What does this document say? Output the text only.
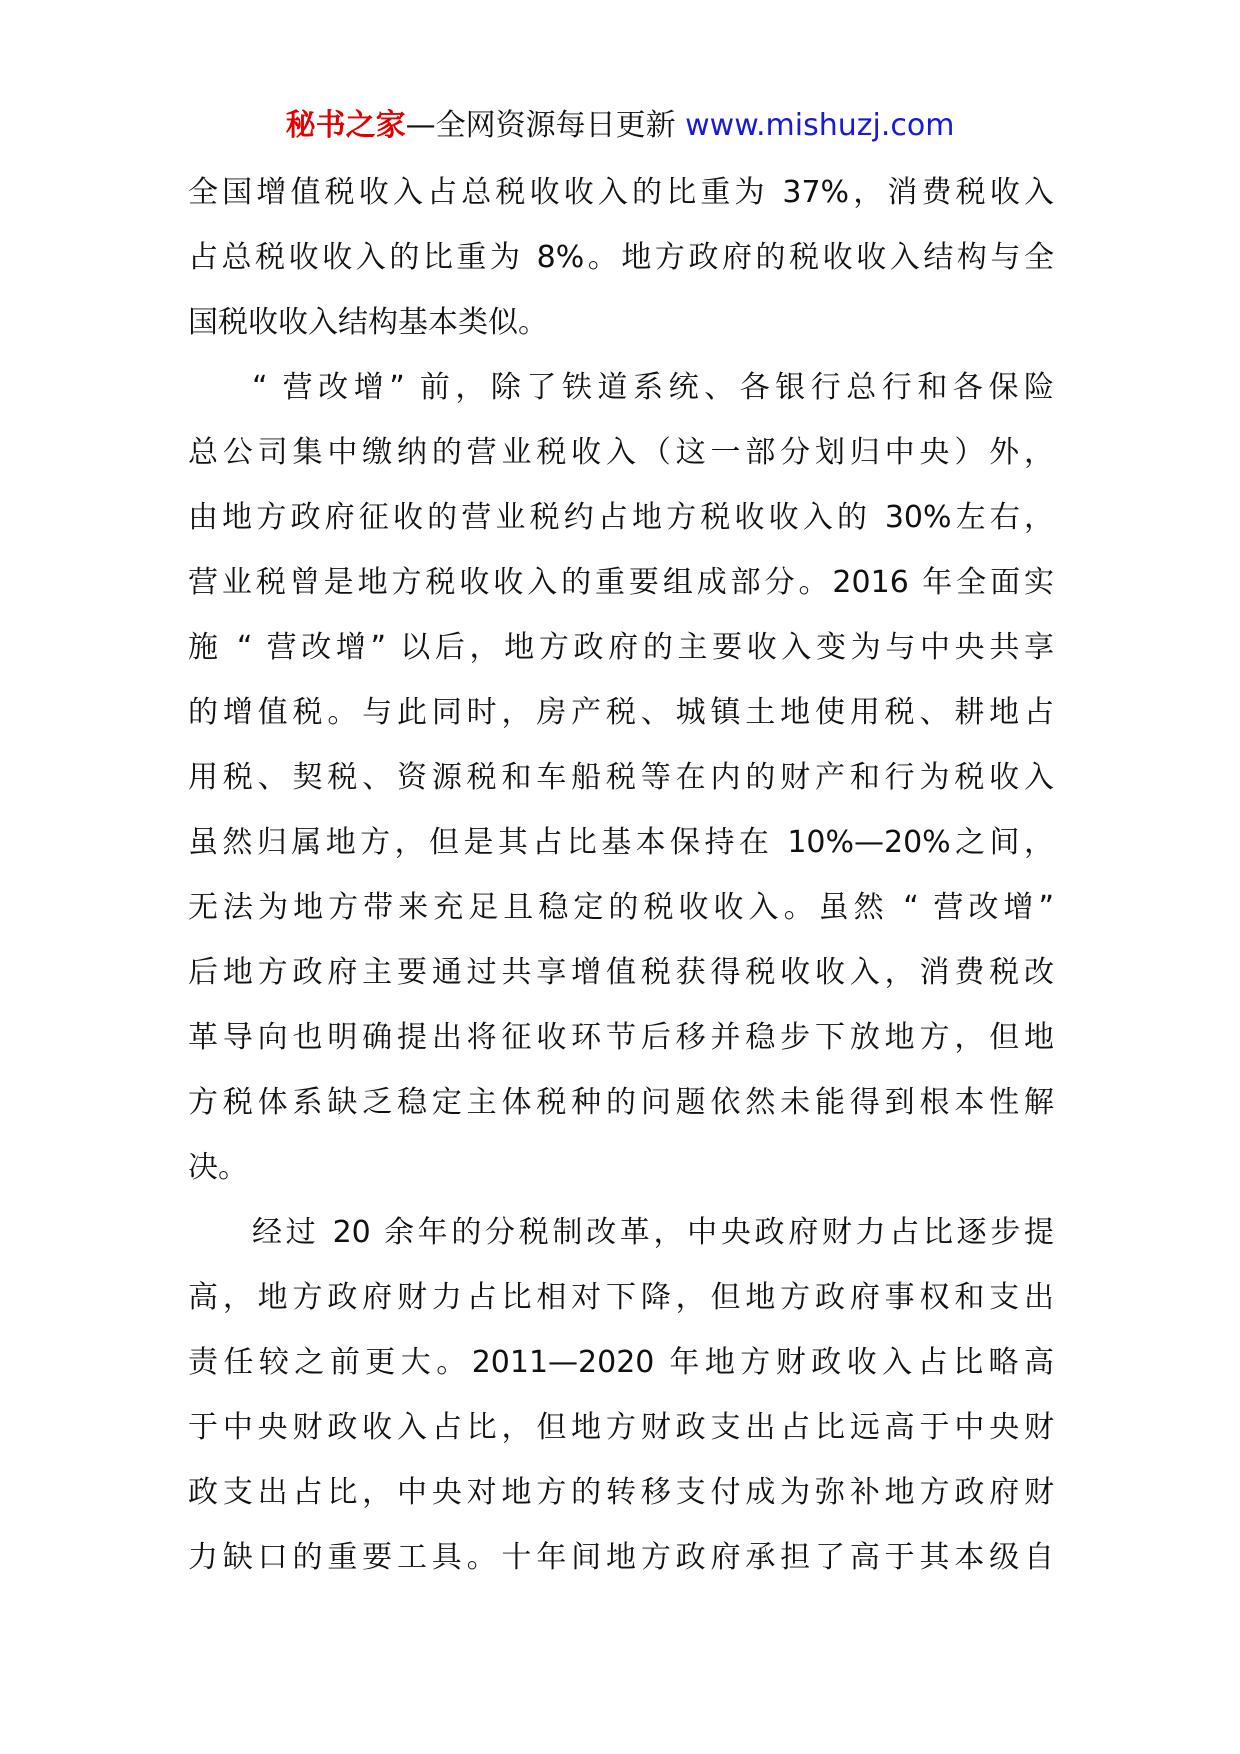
秘书之家—全网资源每日更新 www.mishuzj.com
全国增值税收入占总税收收入的比重为 37%，消费税收入
占总税收收入的比重为 8%。地方政府的税收收入结构与全
国税收收入结构基本类似。
“ 营改增” 前，除了铁道系统、各银行总行和各保险
总公司集中缴纳的营业税收入（这一部分划归中央）外，
由地方政府征收的营业税约占地方税收收入的 30%左右，
营业税曾是地方税收收入的重要组成部分。2016 年全面实
施 “ 营改增” 以后，地方政府的主要收入变为与中央共享
的增值税。与此同时，房产税、城镇土地使用税、耕地占
用税、契税、资源税和车船税等在内的财产和行为税收入
虽然归属地方，但是其占比基本保持在 10%—20%之间，
无法为地方带来充足且稳定的税收收入。虽然 “ 营改增”
后地方政府主要通过共享增值税获得税收收入，消费税改
革导向也明确提出将征收环节后移并稳步下放地方，但地
方税体系缺乏稳定主体税种的问题依然未能得到根本性解
决。
经过 20 余年的分税制改革，中央政府财力占比逐步提
高，地方政府财力占比相对下降，但地方政府事权和支出
责任较之前更大。2011—2020 年地方财政收入占比略高
于中央财政收入占比，但地方财政支出占比远高于中央财
政支出占比，中央对地方的转移支付成为弥补地方政府财
力缺口的重要工具。十年间地方政府承担了高于其本级自
